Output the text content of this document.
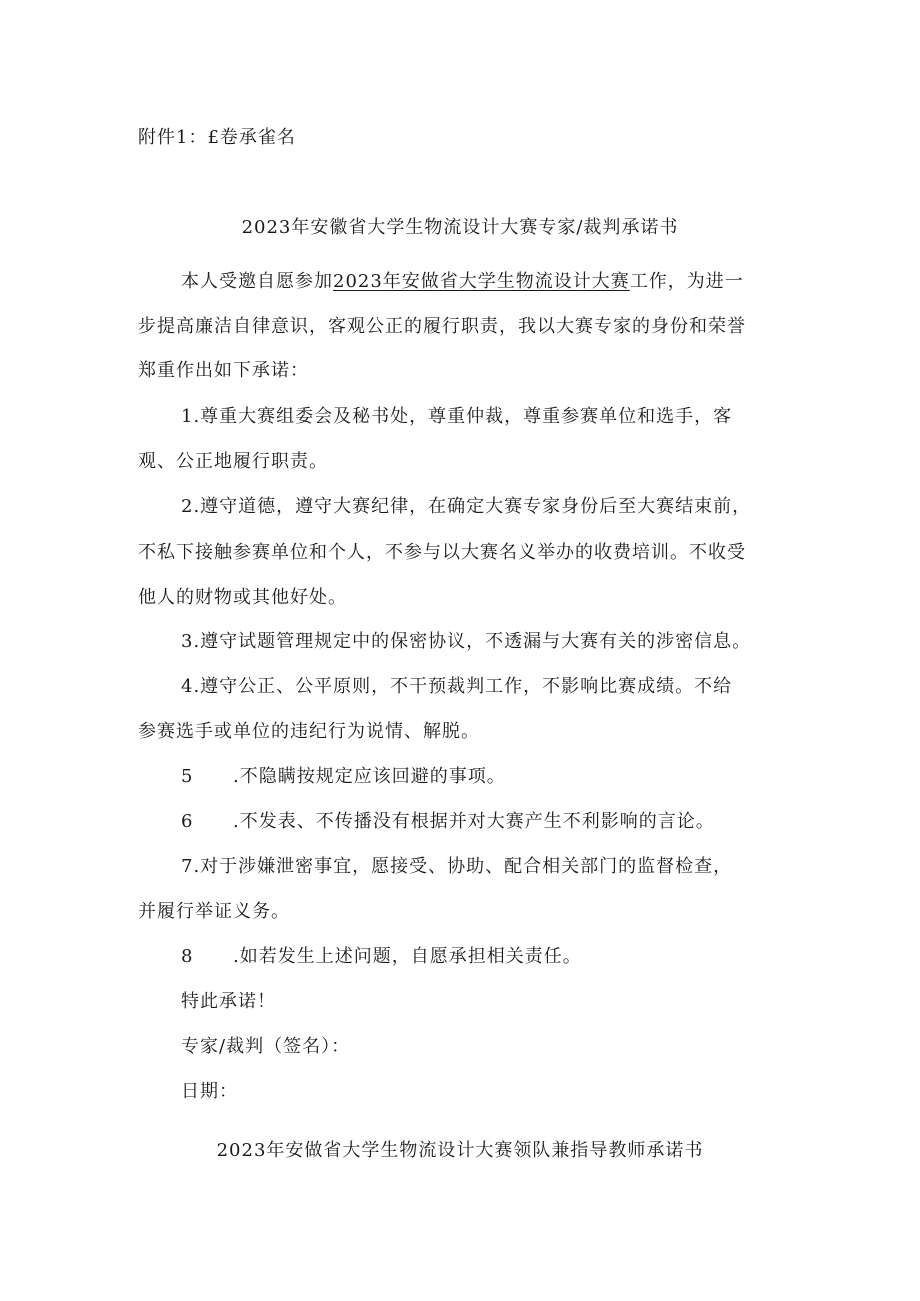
附件1：£卷承雀名
2023年安徽省大学生物流设计大赛专家/裁判承诺书
本人受邀自愿参加2023年安做省大学生物流设计大赛工作，为进一
步提高廉洁自律意识，客观公正的履行职责，我以大赛专家的身份和荣誉
郑重作出如下承诺：
1.尊重大赛组委会及秘书处，尊重仲裁，尊重参赛单位和选手，客
观、公正地履行职责。
2.遵守道德，遵守大赛纪律，在确定大赛专家身份后至大赛结束前，
不私下接触参赛单位和个人，不参与以大赛名义举办的收费培训。不收受
他人的财物或其他好处。
3.遵守试题管理规定中的保密协议，不透漏与大赛有关的涉密信息。
4.遵守公正、公平原则，不干预裁判工作，不影响比赛成绩。不给
参赛选手或单位的违纪行为说情、解脱。
5 .不隐瞒按规定应该回避的事项。
6 .不发表、不传播没有根据并对大赛产生不利影响的言论。
7.对于涉嫌泄密事宜，愿接受、协助、配合相关部门的监督检查，
并履行举证义务。
8 .如若发生上述问题，自愿承担相关责任。
特此承诺！
专家/裁判（签名）：
日期：
2023年安做省大学生物流设计大赛领队兼指导教师承诺书
